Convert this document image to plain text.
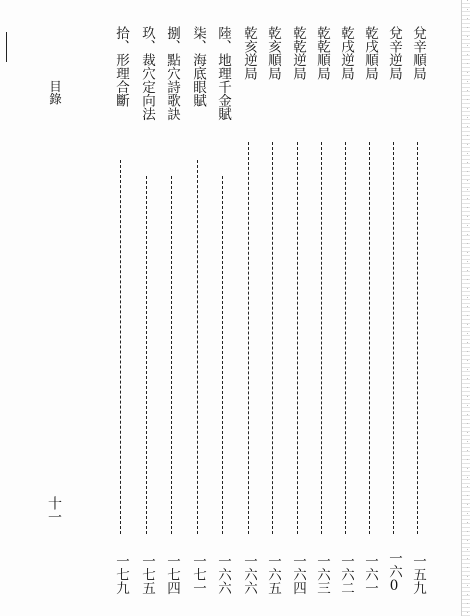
目錄
十一
兌辛順局
一五九
兌辛逆局
一六0
乾戌順局
一六一
乾戌逆局
一六二
乾乾順局
一六三
乾乾逆局
一六四
乾亥順局
一六五
乾亥逆局
一六六
陸、地理千金賦
一六六
柒、海底眼賦
一七一
捌、點穴詩歌訣
一七四
玖、裁穴定向法
一七五
拾、形理合斷
一七九
